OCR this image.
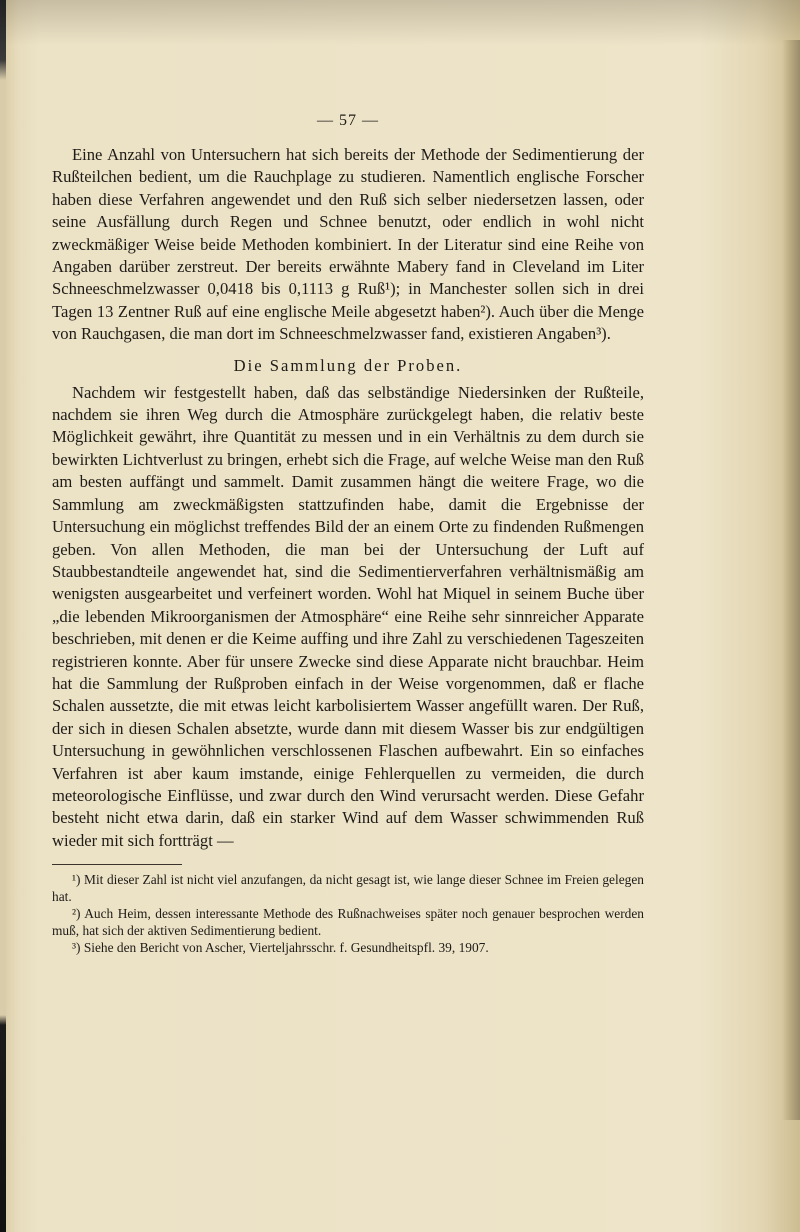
— 57 —

Eine Anzahl von Untersuchern hat sich bereits der Methode der Sedimentierung der Rußteilchen bedient, um die Rauchplage zu studieren. Namentlich englische Forscher haben diese Verfahren angewendet und den Ruß sich selber niedersetzen lassen, oder seine Ausfällung durch Regen und Schnee benutzt, oder endlich in wohl nicht zweckmäßiger Weise beide Methoden kombiniert. In der Literatur sind eine Reihe von Angaben darüber zerstreut. Der bereits erwähnte Mabery fand in Cleveland im Liter Schneeschmelzwasser 0,0418 bis 0,1113 g Ruß¹); in Manchester sollen sich in drei Tagen 13 Zentner Ruß auf eine englische Meile abgesetzt haben²). Auch über die Menge von Rauchgasen, die man dort im Schneeschmelzwasser fand, existieren Angaben³).

Die Sammlung der Proben.

Nachdem wir festgestellt haben, daß das selbständige Niedersinken der Rußteile, nachdem sie ihren Weg durch die Atmosphäre zurückgelegt haben, die relativ beste Möglichkeit gewährt, ihre Quantität zu messen und in ein Verhältnis zu dem durch sie bewirkten Lichtverlust zu bringen, erhebt sich die Frage, auf welche Weise man den Ruß am besten auffängt und sammelt. Damit zusammen hängt die weitere Frage, wo die Sammlung am zweckmäßigsten stattzufinden habe, damit die Ergebnisse der Untersuchung ein möglichst treffendes Bild der an einem Orte zu findenden Rußmengen geben. Von allen Methoden, die man bei der Untersuchung der Luft auf Staubbestandteile angewendet hat, sind die Sedimentierverfahren verhältnismäßig am wenigsten ausgearbeitet und verfeinert worden. Wohl hat Miquel in seinem Buche über „die lebenden Mikroorganismen der Atmosphäre“ eine Reihe sehr sinnreicher Apparate beschrieben, mit denen er die Keime auffing und ihre Zahl zu verschiedenen Tageszeiten registrieren konnte. Aber für unsere Zwecke sind diese Apparate nicht brauchbar. Heim hat die Sammlung der Rußproben einfach in der Weise vorgenommen, daß er flache Schalen aussetzte, die mit etwas leicht karbolisiertem Wasser angefüllt waren. Der Ruß, der sich in diesen Schalen absetzte, wurde dann mit diesem Wasser bis zur endgültigen Untersuchung in gewöhnlichen verschlossenen Flaschen aufbewahrt. Ein so einfaches Verfahren ist aber kaum imstande, einige Fehlerquellen zu vermeiden, die durch meteorologische Einflüsse, und zwar durch den Wind verursacht werden. Diese Gefahr besteht nicht etwa darin, daß ein starker Wind auf dem Wasser schwimmenden Ruß wieder mit sich fortträgt —

¹) Mit dieser Zahl ist nicht viel anzufangen, da nicht gesagt ist, wie lange dieser Schnee im Freien gelegen hat.

²) Auch Heim, dessen interessante Methode des Rußnachweises später noch genauer besprochen werden muß, hat sich der aktiven Sedimentierung bedient.

³) Siehe den Bericht von Ascher, Vierteljahrsschr. f. Gesundheitspfl. 39, 1907.
